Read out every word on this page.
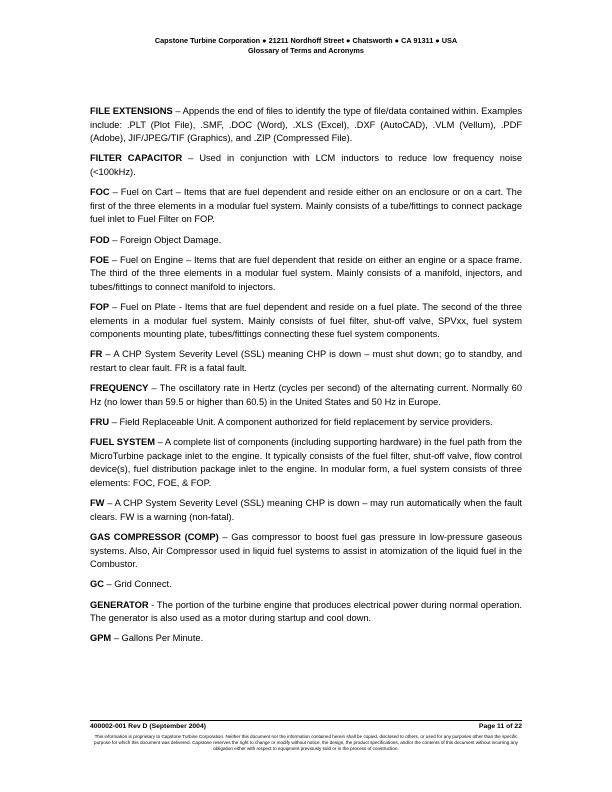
Capstone Turbine Corporation ● 21211 Nordhoff Street ● Chatsworth ● CA 91311 ● USA
Glossary of Terms and Acronyms

FILE EXTENSIONS – Appends the end of files to identify the type of file/data contained within. Examples include: .PLT (Plot File), .SMF, .DOC (Word), .XLS (Excel), .DXF (AutoCAD), .VLM (Vellum), .PDF (Adobe), JIF/JPEG/TIF (Graphics), and .ZIP (Compressed File).

FILTER CAPACITOR – Used in conjunction with LCM inductors to reduce low frequency noise (<100kHz).

FOC – Fuel on Cart – Items that are fuel dependent and reside either on an enclosure or on a cart. The first of the three elements in a modular fuel system. Mainly consists of a tube/fittings to connect package fuel inlet to Fuel Filter on FOP.

FOD – Foreign Object Damage.

FOE – Fuel on Engine – Items that are fuel dependent that reside on either an engine or a space frame. The third of the three elements in a modular fuel system. Mainly consists of a manifold, injectors, and tubes/fittings to connect manifold to injectors.

FOP – Fuel on Plate - Items that are fuel dependent and reside on a fuel plate. The second of the three elements in a modular fuel system. Mainly consists of fuel filter, shut-off valve, SPVxx, fuel system components mounting plate, tubes/fittings connecting these fuel system components.

FR – A CHP System Severity Level (SSL) meaning CHP is down – must shut down; go to standby, and restart to clear fault. FR is a fatal fault.

FREQUENCY – The oscillatory rate in Hertz (cycles per second) of the alternating current. Normally 60 Hz (no lower than 59.5 or higher than 60.5) in the United States and 50 Hz in Europe.

FRU – Field Replaceable Unit. A component authorized for field replacement by service providers.

FUEL SYSTEM – A complete list of components (including supporting hardware) in the fuel path from the MicroTurbine package inlet to the engine. It typically consists of the fuel filter, shut-off valve, flow control device(s), fuel distribution package inlet to the engine. In modular form, a fuel system consists of three elements: FOC, FOE, & FOP.

FW – A CHP System Severity Level (SSL) meaning CHP is down – may run automatically when the fault clears. FW is a warning (non-fatal).

GAS COMPRESSOR (COMP) – Gas compressor to boost fuel gas pressure in low-pressure gaseous systems. Also, Air Compressor used in liquid fuel systems to assist in atomization of the liquid fuel in the Combustor.

GC – Grid Connect.

GENERATOR - The portion of the turbine engine that produces electrical power during normal operation. The generator is also used as a motor during startup and cool down.

GPM – Gallons Per Minute.

400002-001 Rev D (September 2004)	Page 11 of 22
This information is proprietary to Capstone Turbine Corporation. Neither this document nor the information contained herein shall be copied, disclosed to others, or used for any purposes other than the specific purpose for which this document was delivered. Capstone reserves the right to change or modify without notice, the design, the product specifications, and/or the contents of this document without incurring any obligation either with respect to equipment previously sold or in the process of construction.
